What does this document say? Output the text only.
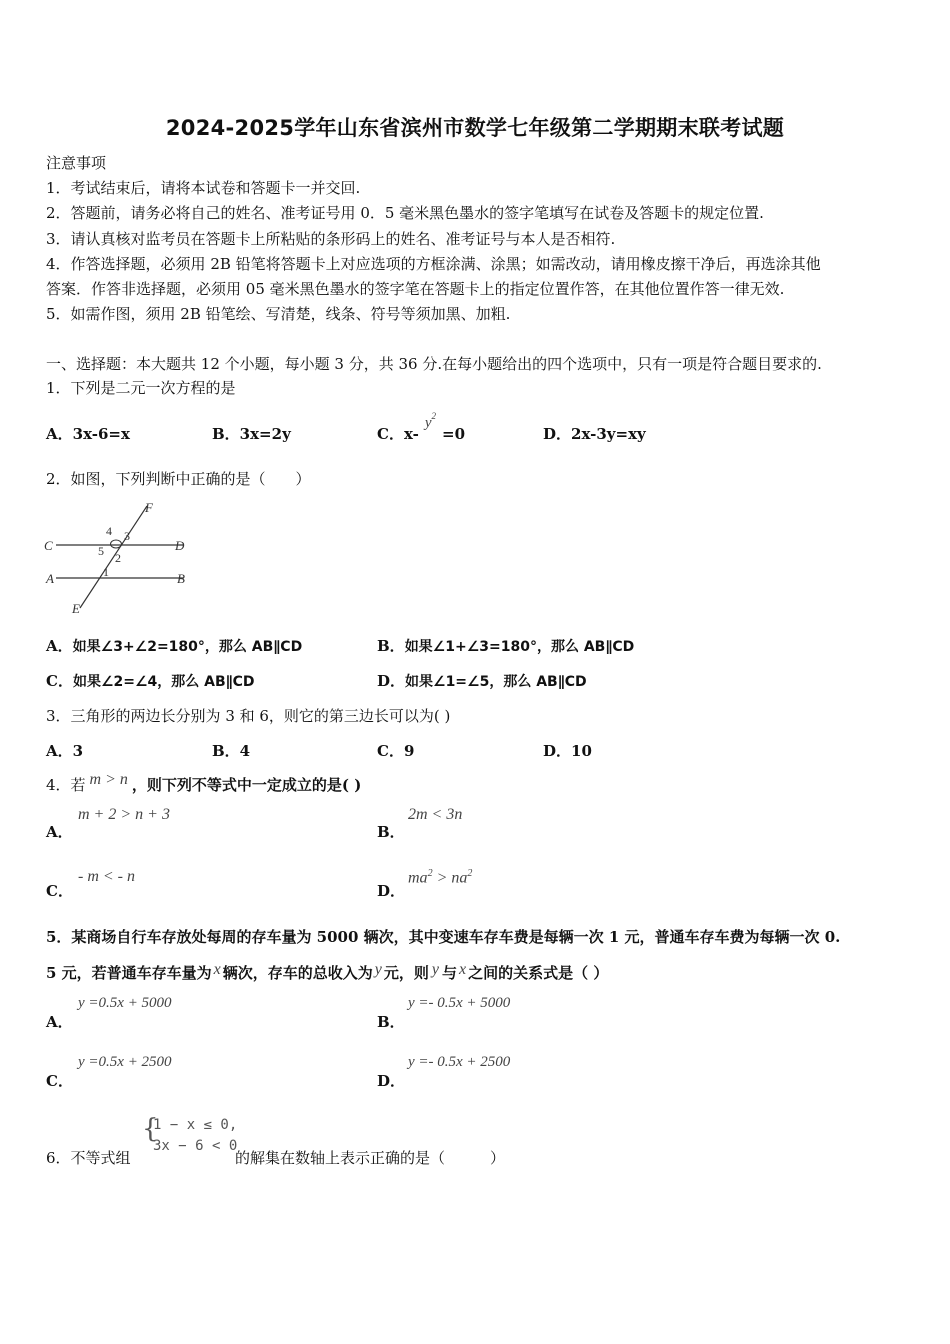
2024-2025学年山东省滨州市数学七年级第二学期期末联考试题
注意事项
1．考试结束后，请将本试卷和答题卡一并交回.
2．答题前，请务必将自己的姓名、准考证号用 0．5 毫米黑色墨水的签字笔填写在试卷及答题卡的规定位置.
3．请认真核对监考员在答题卡上所粘贴的条形码上的姓名、准考证号与本人是否相符.
4．作答选择题，必须用 2B 铅笔将答题卡上对应选项的方框涂满、涂黑；如需改动，请用橡皮擦干净后，再选涂其他
答案．作答非选择题，必须用 05 毫米黑色墨水的签字笔在答题卡上的指定位置作答，在其他位置作答一律无效.
5．如需作图，须用 2B 铅笔绘、写清楚，线条、符号等须加黑、加粗.
一、选择题：本大题共 12 个小题，每小题 3 分，共 36 分.在每小题给出的四个选项中，只有一项是符合题目要求的.
1．下列是二元一次方程的是
A．3x-6=x	B．3x=2y	C．$x-y^2=0$	D．2x-3y=xy
2．如图，下列判断中正确的是（　　）
F
C	D
A	B
E
4 3
5 2
1
A．如果∠3+∠2=180°，那么 AB∥CD	B．如果∠1+∠3=180°，那么 AB∥CD
C．如果∠2=∠4，那么 AB∥CD	D．如果∠1=∠5，那么 AB∥CD
3．三角形的两边长分别为 3 和 6，则它的第三边长可以为( )
A．3	B．4	C．9	D．10
4．若 m > n ，则下列不等式中一定成立的是( )
A．
m + 2 > n + 3
B．
2m < 3n
C．
- m < - n
D．
$ma^2 > na^2$
5．某商场自行车存放处每周的存车量为 5000 辆次，其中变速车存车费是每辆一次 1 元，普通车存车费为每辆一次 0.
5 元，若普通车存车量为 x 辆次，存车的总收入为 y 元，则 y 与 x 之间的关系式是（ ）
A．
y =0.5x + 5000
B．
y =- 0.5x + 5000
C．
y =0.5x + 2500
D．
y =- 0.5x + 2500
6．不等式组
{
1 − x ≤ 0,
3x − 6 < 0
的解集在数轴上表示正确的是（　　　）
